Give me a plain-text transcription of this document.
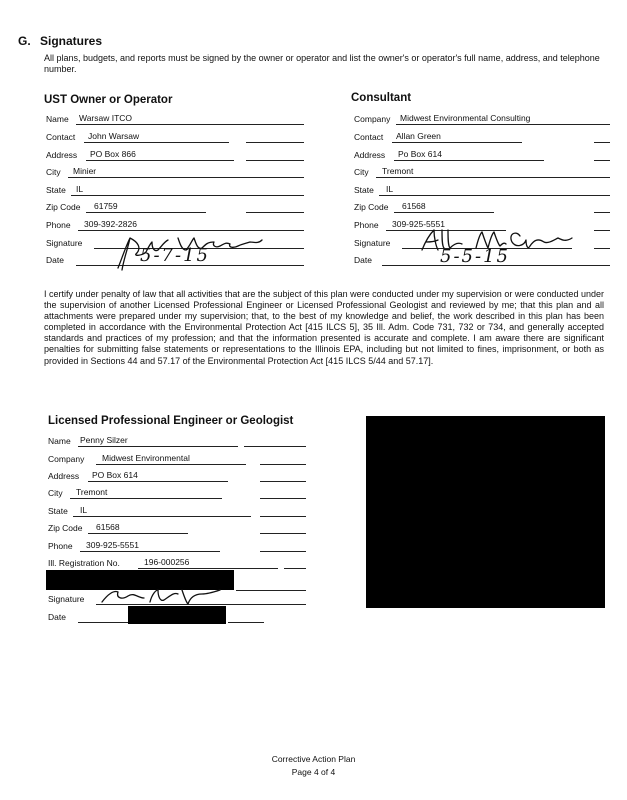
G. Signatures
All plans, budgets, and reports must be signed by the owner or operator and list the owner's or operator's full name, address, and telephone number.
UST Owner or Operator
Name Warsaw ITCO
Contact John Warsaw
Address PO Box 866
City Minier
State IL
Zip Code 61759
Phone 309-392-2826
Signature
Date	5-7-15
Consultant
Company Midwest Environmental Consulting
Contact Allan Green
Address Po Box 614
City Tremont
State IL
Zip Code 61568
Phone 309-925-5551
Signature
Date	5-5-15
I certify under penalty of law that all activities that are the subject of this plan were conducted under my supervision or were conducted under the supervision of another Licensed Professional Engineer or Licensed Professional Geologist and reviewed by me; that this plan and all attachments were prepared under my supervision; that, to the best of my knowledge and belief, the work described in this plan has been completed in accordance with the Environmental Protection Act [415 ILCS 5], 35 Ill. Adm. Code 731, 732 or 734, and generally accepted standards and practices of my profession; and that the information presented is accurate and complete. I am aware there are significant penalties for submitting false statements or representations to the Illinois EPA, including but not limited to fines, imprisonment, or both as provided in Sections 44 and 57.17 of the Environmental Protection Act [415 ILCS 5/44 and 57.17].
Licensed Professional Engineer or Geologist
Name Penny Silzer
Company Midwest Environmental
Address PO Box 614
City Tremont
State IL
Zip Code 61568
Phone 309-925-5551
Ill. Registration No.	196-000256
Signature
Date
Corrective Action Plan
Page 4 of 4
